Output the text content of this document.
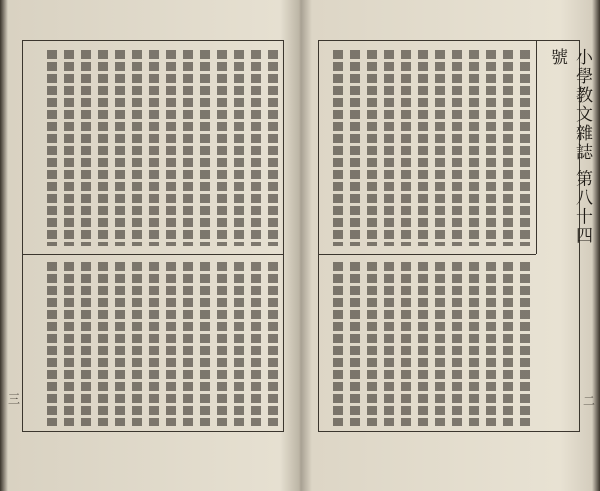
三
小學教文雜誌 第八十四號
二
